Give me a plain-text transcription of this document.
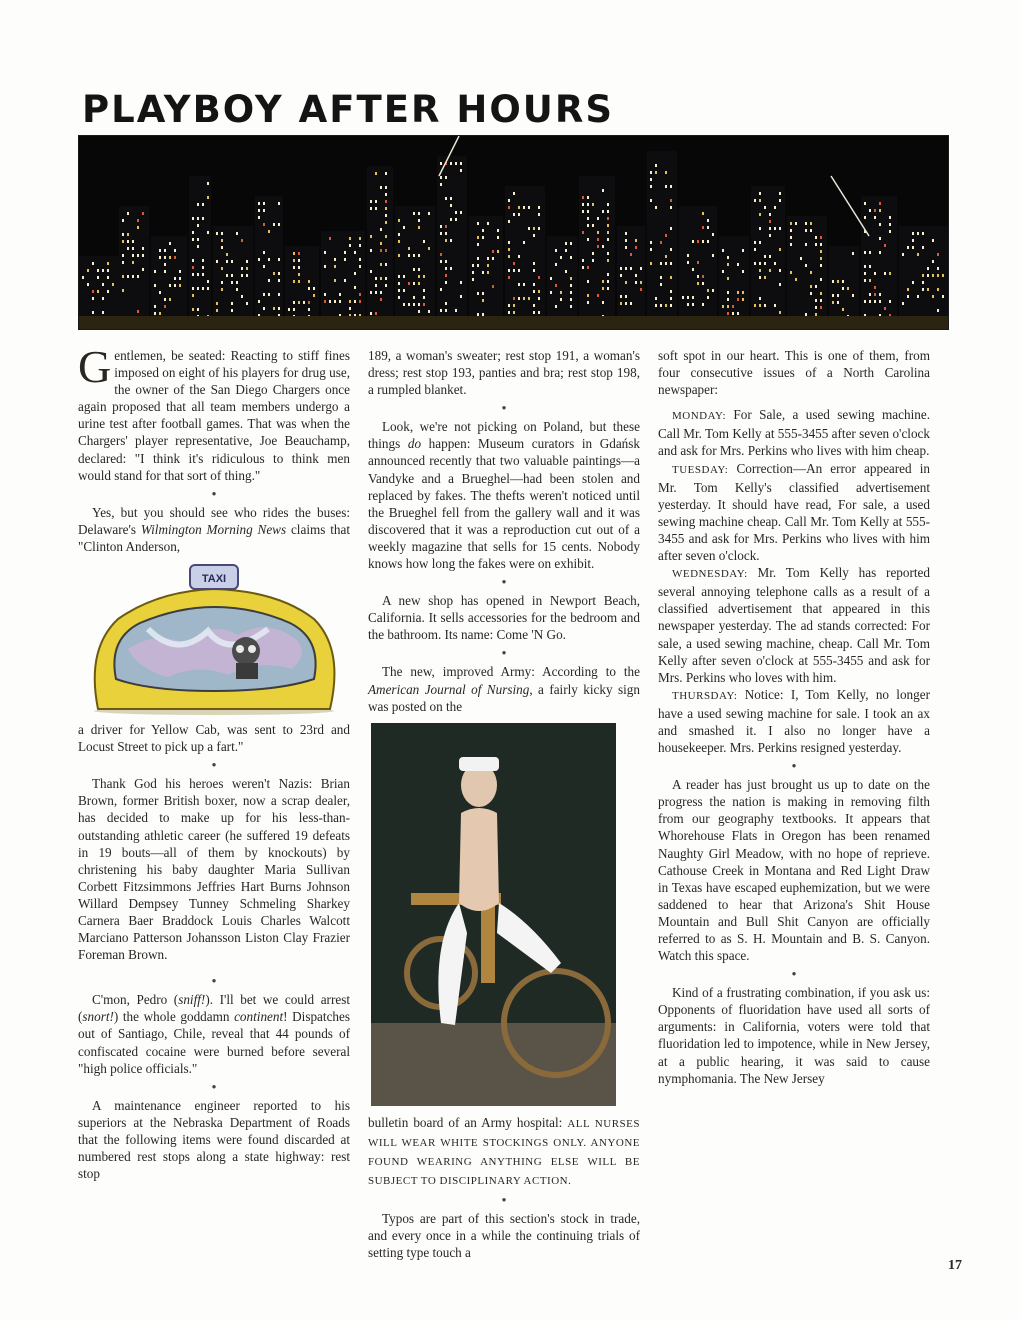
PLAYBOY AFTER HOURS

Gentlemen, be seated: Reacting to stiff fines imposed on eight of his players for drug use, the owner of the San Diego Chargers once again proposed that all team members undergo a urine test after football games. That was when the Chargers' player representative, Joe Beauchamp, declared: "I think it's ridiculous to think men would stand for that sort of thing."

●

Yes, but you should see who rides the buses: Delaware's Wilmington Morning News claims that "Clinton Anderson,

TAXI

a driver for Yellow Cab, was sent to 23rd and Locust Street to pick up a fart."

●

Thank God his heroes weren't Nazis: Brian Brown, former British boxer, now a scrap dealer, has decided to make up for his less-than-outstanding athletic career (he suffered 19 defeats in 19 bouts—all of them by knockouts) by christening his baby daughter Maria Sullivan Corbett Fitzsimmons Jeffries Hart Burns Johnson Willard Dempsey Tunney Schmeling Sharkey Carnera Baer Braddock Louis Charles Walcott Marciano Patterson Johansson Liston Clay Frazier Foreman Brown.

●

C'mon, Pedro (sniff!). I'll bet we could arrest (snort!) the whole goddamn continent! Dispatches out of Santiago, Chile, reveal that 44 pounds of confiscated cocaine were burned before several "high police officials."

●

A maintenance engineer reported to his superiors at the Nebraska Department of Roads that the following items were found discarded at numbered rest stops along a state highway: rest stop

189, a woman's sweater; rest stop 191, a woman's dress; rest stop 193, panties and bra; rest stop 198, a rumpled blanket.

●

Look, we're not picking on Poland, but these things do happen: Museum curators in Gdańsk announced recently that two valuable paintings—a Vandyke and a Brueghel—had been stolen and replaced by fakes. The thefts weren't noticed until the Brueghel fell from the gallery wall and it was discovered that it was a reproduction cut out of a weekly magazine that sells for 15 cents. Nobody knows how long the fakes were on exhibit.

●

A new shop has opened in Newport Beach, California. It sells accessories for the bedroom and the bathroom. Its name: Come 'N Go.

●

The new, improved Army: According to the American Journal of Nursing, a fairly kicky sign was posted on the

bulletin board of an Army hospital: ALL NURSES WILL WEAR WHITE STOCKINGS ONLY. ANYONE FOUND WEARING ANYTHING ELSE WILL BE SUBJECT TO DISCIPLINARY ACTION.

●

Typos are part of this section's stock in trade, and every once in a while the continuing trials of setting type touch a

soft spot in our heart. This is one of them, from four consecutive issues of a North Carolina newspaper:

MONDAY: For Sale, a used sewing machine. Call Mr. Tom Kelly at 555-3455 after seven o'clock and ask for Mrs. Perkins who lives with him cheap.

TUESDAY: Correction—An error appeared in Mr. Tom Kelly's classified advertisement yesterday. It should have read, For sale, a used sewing machine cheap. Call Mr. Tom Kelly at 555-3455 and ask for Mrs. Perkins who lives with him after seven o'clock.

WEDNESDAY: Mr. Tom Kelly has reported several annoying telephone calls as a result of a classified advertisement that appeared in this newspaper yesterday. The ad stands corrected: For sale, a used sewing machine, cheap. Call Mr. Tom Kelly after seven o'clock at 555-3455 and ask for Mrs. Perkins who loves with him.

THURSDAY: Notice: I, Tom Kelly, no longer have a used sewing machine for sale. I took an ax and smashed it. I also no longer have a housekeeper. Mrs. Perkins resigned yesterday.

●

A reader has just brought us up to date on the progress the nation is making in removing filth from our geography textbooks. It appears that Whorehouse Flats in Oregon has been renamed Naughty Girl Meadow, with no hope of reprieve. Cathouse Creek in Montana and Red Light Draw in Texas have escaped euphemization, but we were saddened to hear that Arizona's Shit House Mountain and Bull Shit Canyon are officially referred to as S. H. Mountain and B. S. Canyon. Watch this space.

●

Kind of a frustrating combination, if you ask us: Opponents of fluoridation have used all sorts of arguments: in California, voters were told that fluoridation led to impotence, while in New Jersey, at a public hearing, it was said to cause nymphomania. The New Jersey

17
